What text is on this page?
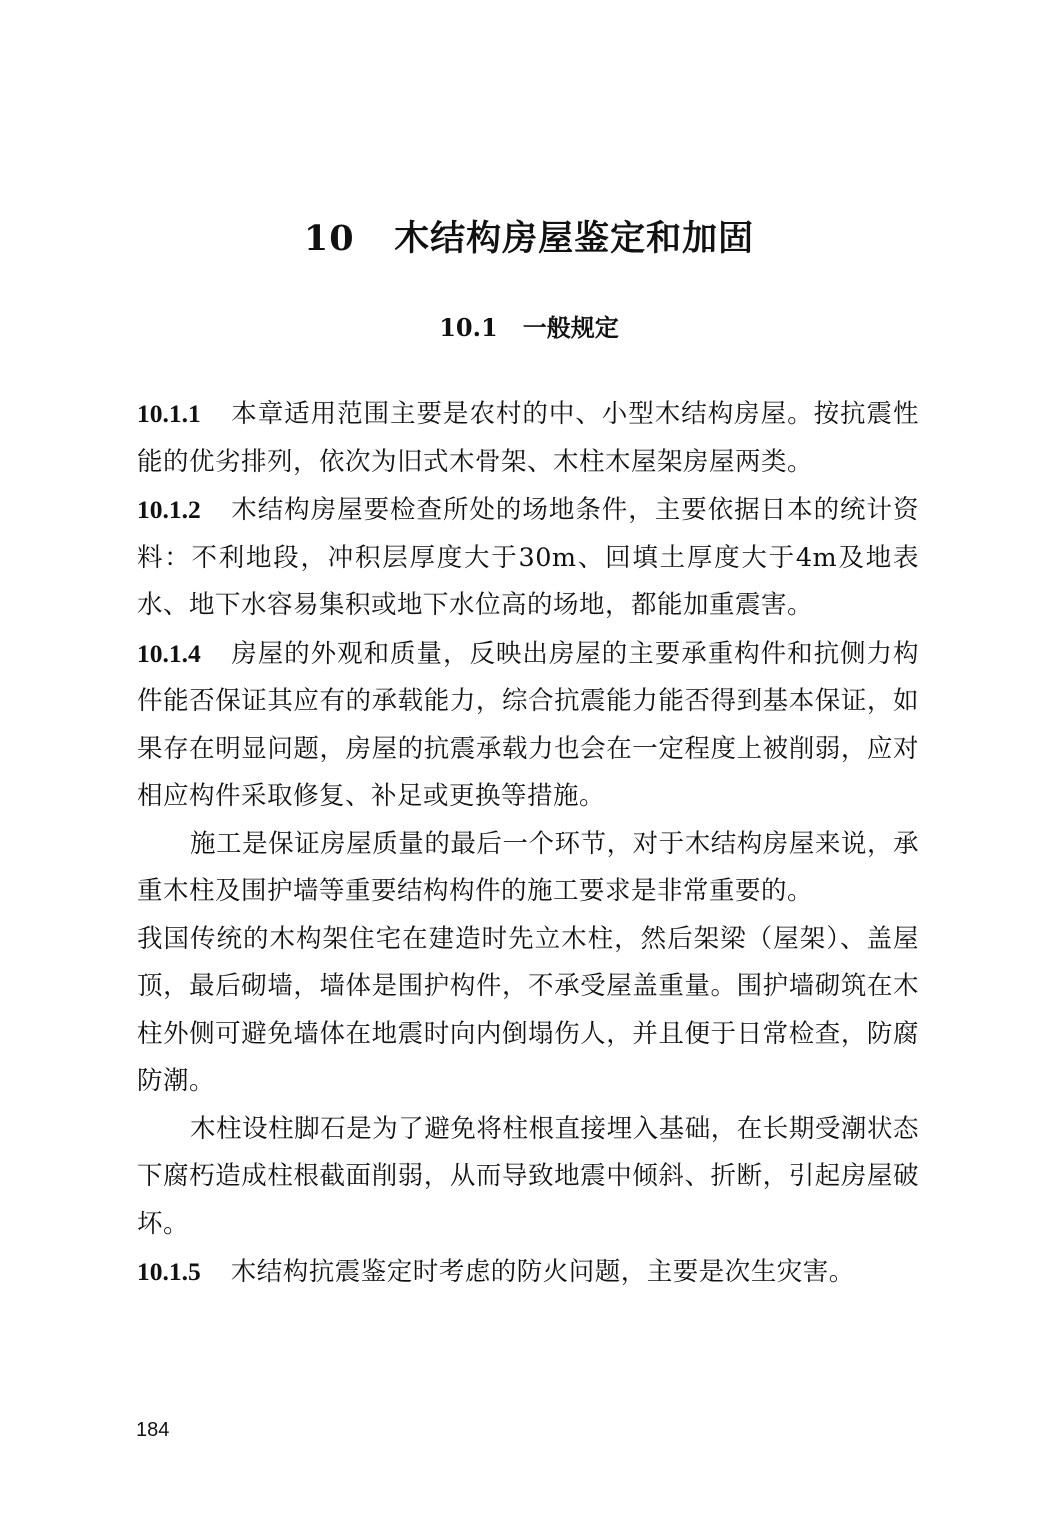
10 木结构房屋鉴定和加固
10.1 一般规定

10.1.1 本章适用范围主要是农村的中、小型木结构房屋。按抗震性能的优劣排列，依次为旧式木骨架、木柱木屋架房屋两类。

10.1.2 木结构房屋要检查所处的场地条件，主要依据日本的统计资料：不利地段，冲积层厚度大于30m、回填土厚度大于4m及地表水、地下水容易集积或地下水位高的场地，都能加重震害。

10.1.4 房屋的外观和质量，反映出房屋的主要承重构件和抗侧力构件能否保证其应有的承载能力，综合抗震能力能否得到基本保证，如果存在明显问题，房屋的抗震承载力也会在一定程度上被削弱，应对相应构件采取修复、补足或更换等措施。

施工是保证房屋质量的最后一个环节，对于木结构房屋来说，承重木柱及围护墙等重要结构构件的施工要求是非常重要的。

我国传统的木构架住宅在建造时先立木柱，然后架梁（屋架）、盖屋顶，最后砌墙，墙体是围护构件，不承受屋盖重量。围护墙砌筑在木柱外侧可避免墙体在地震时向内倒塌伤人，并且便于日常检查，防腐防潮。

木柱设柱脚石是为了避免将柱根直接埋入基础，在长期受潮状态下腐朽造成柱根截面削弱，从而导致地震中倾斜、折断，引起房屋破坏。

10.1.5 木结构抗震鉴定时考虑的防火问题，主要是次生灾害。

184
